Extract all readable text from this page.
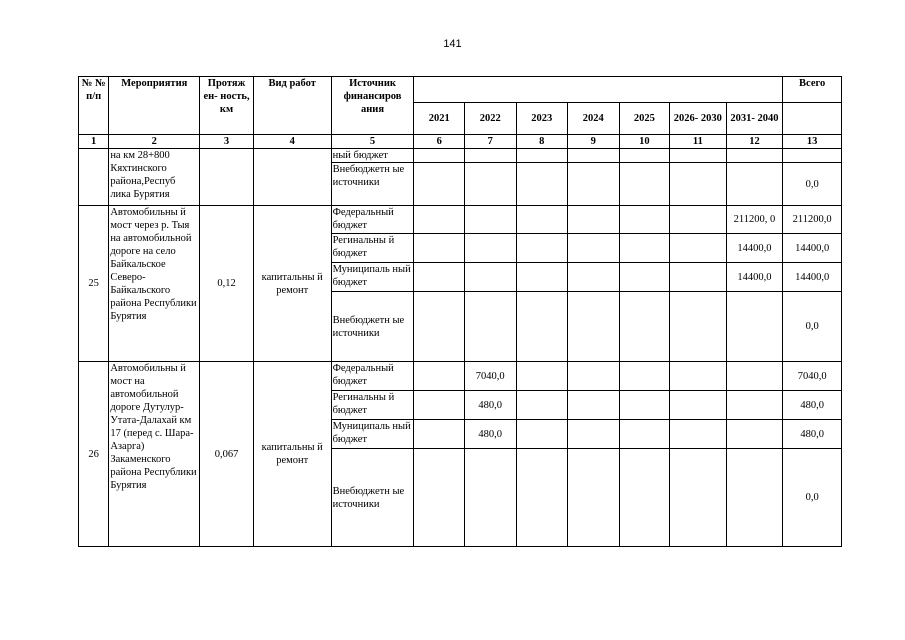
141
№ № п/п	Мероприятия	Протяж ен- ность, км	Вид работ	Источник финансиров ания								Всего
					2021	2022	2023	2024	2025	2026- 2030	2031- 2040	
1	2	3	4	5	6	7	8	9	10	11	12	13
	на км 28+800 Кяхтинского района,Респуб лика Бурятия			ный бюджет								
				Внебюджетн ые источники								0,0
25	Автомобильны й мост через р. Тыя на автомобильной дороге на село Байкальское Северо- Байкальского района Республики Бурятия	0,12	капитальны й ремонт	Федеральный бюджет							211200, 0	211200,0
				Регинальны й бюджет							14400,0	14400,0
				Муниципаль ный бюджет							14400,0	14400,0
				Внебюджетн ые источники								0,0
26	Автомобильны й мост на автомобильной дороге Дутулур- Утата-Далахай км 17 (перед с. Шара- Азарга) Закаменского района Республики Бурятия	0,067	капитальны й ремонт	Федеральный бюджет		7040,0						7040,0
				Регинальны й бюджет		480,0						480,0
				Муниципаль ный бюджет		480,0						480,0
				Внебюджетн ые источники								0,0
